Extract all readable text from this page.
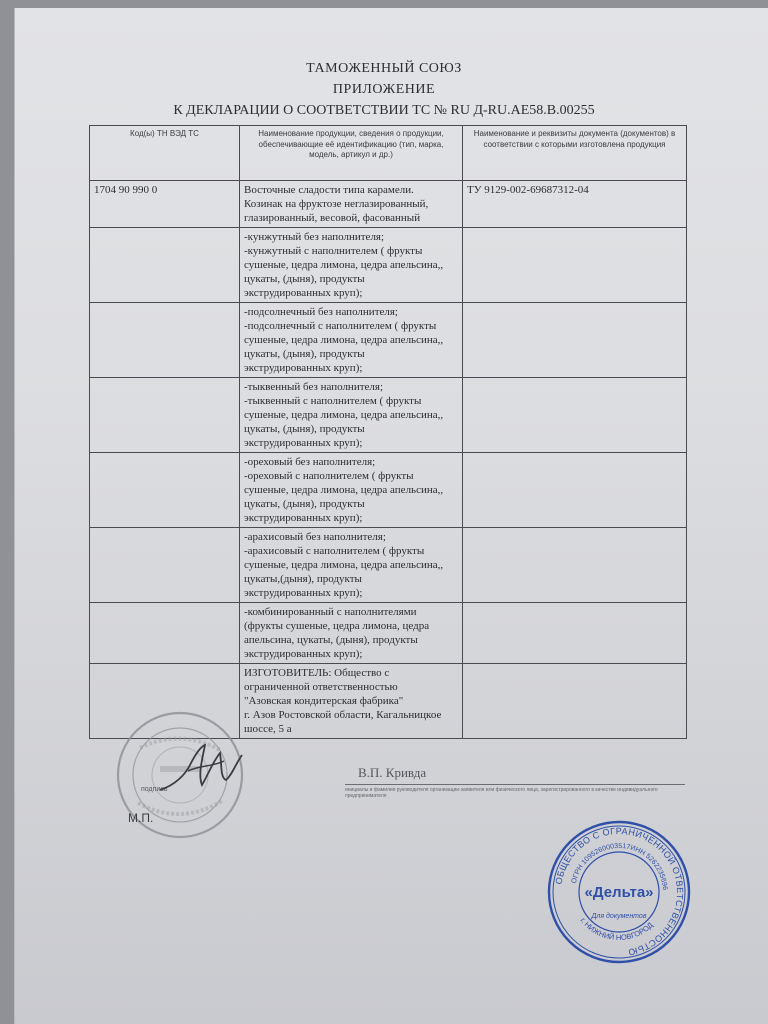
ТАМОЖЕННЫЙ СОЮЗ
ПРИЛОЖЕНИЕ
К ДЕКЛАРАЦИИ О СООТВЕТСТВИИ ТС № RU Д-RU.АЕ58.В.00255
Код(ы) ТН ВЭД ТС	Наименование продукции, сведения о продукции, обеспечивающие её идентификацию (тип, марка, модель, артикул и др.)	Наименование и реквизиты документа (документов) в соответствии с которыми изготовлена продукция
1704 90 990 0	Восточные сладости типа карамели.
Козинак на фруктозе неглазированный,
глазированный, весовой, фасованный	ТУ 9129-002-69687312-04

	-кунжутный без наполнителя;
-кунжутный с наполнителем ( фрукты
сушеные, цедра лимона, цедра апельсина,,
цукаты, (дыня), продукты
экструдированных круп);	

	-подсолнечный без наполнителя;
-подсолнечный с наполнителем ( фрукты
сушеные, цедра лимона, цедра апельсина,,
цукаты, (дыня), продукты
экструдированных круп);	

	-тыквенный без наполнителя;
-тыквенный с наполнителем ( фрукты
сушеные, цедра лимона, цедра апельсина,,
цукаты, (дыня), продукты
экструдированных круп);	

	-ореховый без наполнителя;
-ореховый с наполнителем ( фрукты
сушеные, цедра лимона, цедра апельсина,,
цукаты, (дыня), продукты
экструдированных круп);	

	-арахисовый без наполнителя;
-арахисовый с наполнителем ( фрукты
сушеные, цедра лимона, цедра апельсина,,
цукаты,(дыня), продукты
экструдированных круп);	

	-комбинированный с наполнителями
(фрукты сушеные, цедра лимона, цедра
апельсина, цукаты, (дыня), продукты
экструдированных круп);	

	ИЗГОТОВИТЕЛЬ: Общество с
ограниченной ответственностью
"Азовская кондитерская фабрика"
г. Азов Ростовской области, Кагальницкое
шоссе, 5 а	

подпись
М.П.
В.П. Кривда
инициалы и фамилия руководителя организации-заявителя или физического лица, зарегистрированного в качестве индивидуального предпринимателя
ОБЩЕСТВО С ОГРАНИЧЕННОЙ ОТВЕТСТВЕННОСТЬЮ
ОГРН 1095260003517
ИНН 5262235696
г. НИЖНИЙ НОВГОРОД
«Дельта»
Для документов
